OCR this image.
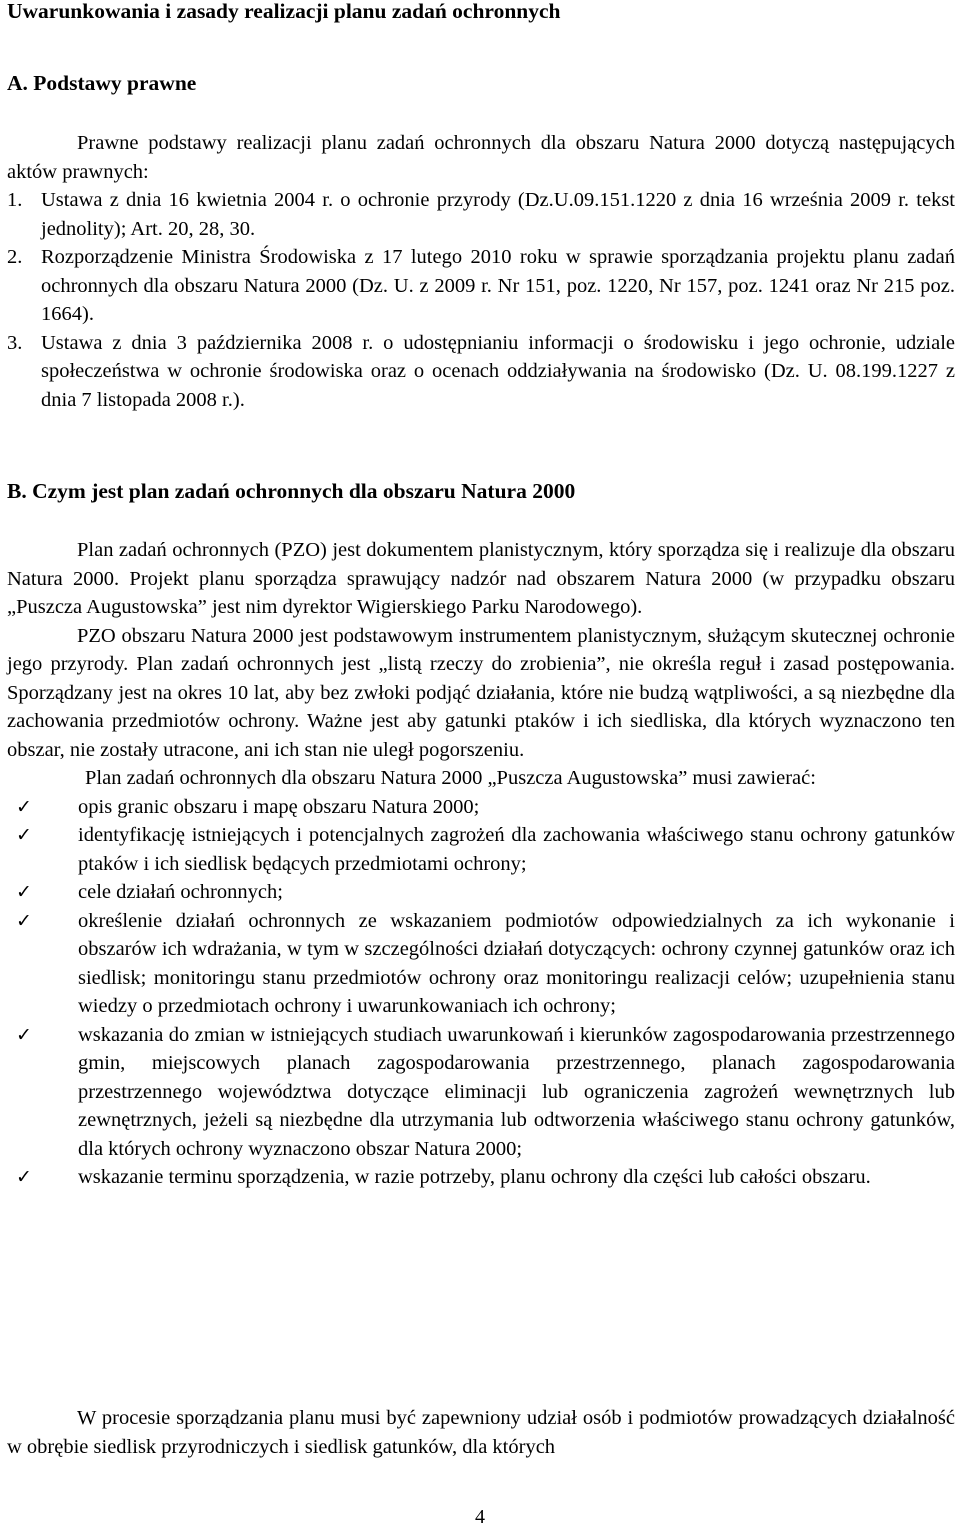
Uwarunkowania i zasady realizacji planu zadań ochronnych
A. Podstawy prawne

Prawne podstawy realizacji planu zadań ochronnych dla obszaru Natura 2000 dotyczą następujących aktów prawnych:

1. Ustawa z dnia 16 kwietnia 2004 r. o ochronie przyrody (Dz.U.09.151.1220 z dnia 16 września 2009 r. tekst jednolity); Art. 20, 28, 30.
2. Rozporządzenie Ministra Środowiska z 17 lutego 2010 roku w sprawie sporządzania projektu planu zadań ochronnych dla obszaru Natura 2000 (Dz. U. z 2009 r. Nr 151, poz. 1220, Nr 157, poz. 1241 oraz Nr 215 poz. 1664).
3. Ustawa z dnia 3 października 2008 r. o udostępnianiu informacji o środowisku i jego ochronie, udziale społeczeństwa w ochronie środowiska oraz o ocenach oddziaływania na środowisko (Dz. U. 08.199.1227 z dnia 7 listopada 2008 r.).
B. Czym jest plan zadań ochronnych dla obszaru Natura 2000

Plan zadań ochronnych (PZO) jest dokumentem planistycznym, który sporządza się i realizuje dla obszaru Natura 2000. Projekt planu sporządza sprawujący nadzór nad obszarem Natura 2000 (w przypadku obszaru „Puszcza Augustowska” jest nim dyrektor Wigierskiego Parku Narodowego).

PZO obszaru Natura 2000 jest podstawowym instrumentem planistycznym, służącym skutecznej ochronie jego przyrody. Plan zadań ochronnych jest „listą rzeczy do zrobienia”, nie określa reguł i zasad postępowania. Sporządzany jest na okres 10 lat, aby bez zwłoki podjąć działania, które nie budzą wątpliwości, a są niezbędne dla zachowania przedmiotów ochrony. Ważne jest aby gatunki ptaków i ich siedliska, dla których wyznaczono ten obszar, nie zostały utracone, ani ich stan nie uległ pogorszeniu.

Plan zadań ochronnych dla obszaru Natura 2000 „Puszcza Augustowska” musi zawierać:

✓ opis granic obszaru i mapę obszaru Natura 2000;
✓ identyfikację istniejących i potencjalnych zagrożeń dla zachowania właściwego stanu ochrony gatunków ptaków i ich siedlisk będących przedmiotami ochrony;
✓ cele działań ochronnych;
✓ określenie działań ochronnych ze wskazaniem podmiotów odpowiedzialnych za ich wykonanie i obszarów ich wdrażania, w tym w szczególności działań dotyczących: ochrony czynnej gatunków oraz ich siedlisk; monitoringu stanu przedmiotów ochrony oraz monitoringu realizacji celów; uzupełnienia stanu wiedzy o przedmiotach ochrony i uwarunkowaniach ich ochrony;
✓ wskazania do zmian w istniejących studiach uwarunkowań i kierunków zagospodarowania przestrzennego gmin, miejscowych planach zagospodarowania przestrzennego, planach zagospodarowania przestrzennego województwa dotyczące eliminacji lub ograniczenia zagrożeń wewnętrznych lub zewnętrznych, jeżeli są niezbędne dla utrzymania lub odtworzenia właściwego stanu ochrony gatunków, dla których ochrony wyznaczono obszar Natura 2000;
✓ wskazanie terminu sporządzenia, w razie potrzeby, planu ochrony dla części lub całości obszaru.

W procesie sporządzania planu musi być zapewniony udział osób i podmiotów prowadzących działalność w obrębie siedlisk przyrodniczych i siedlisk gatunków, dla których

4
